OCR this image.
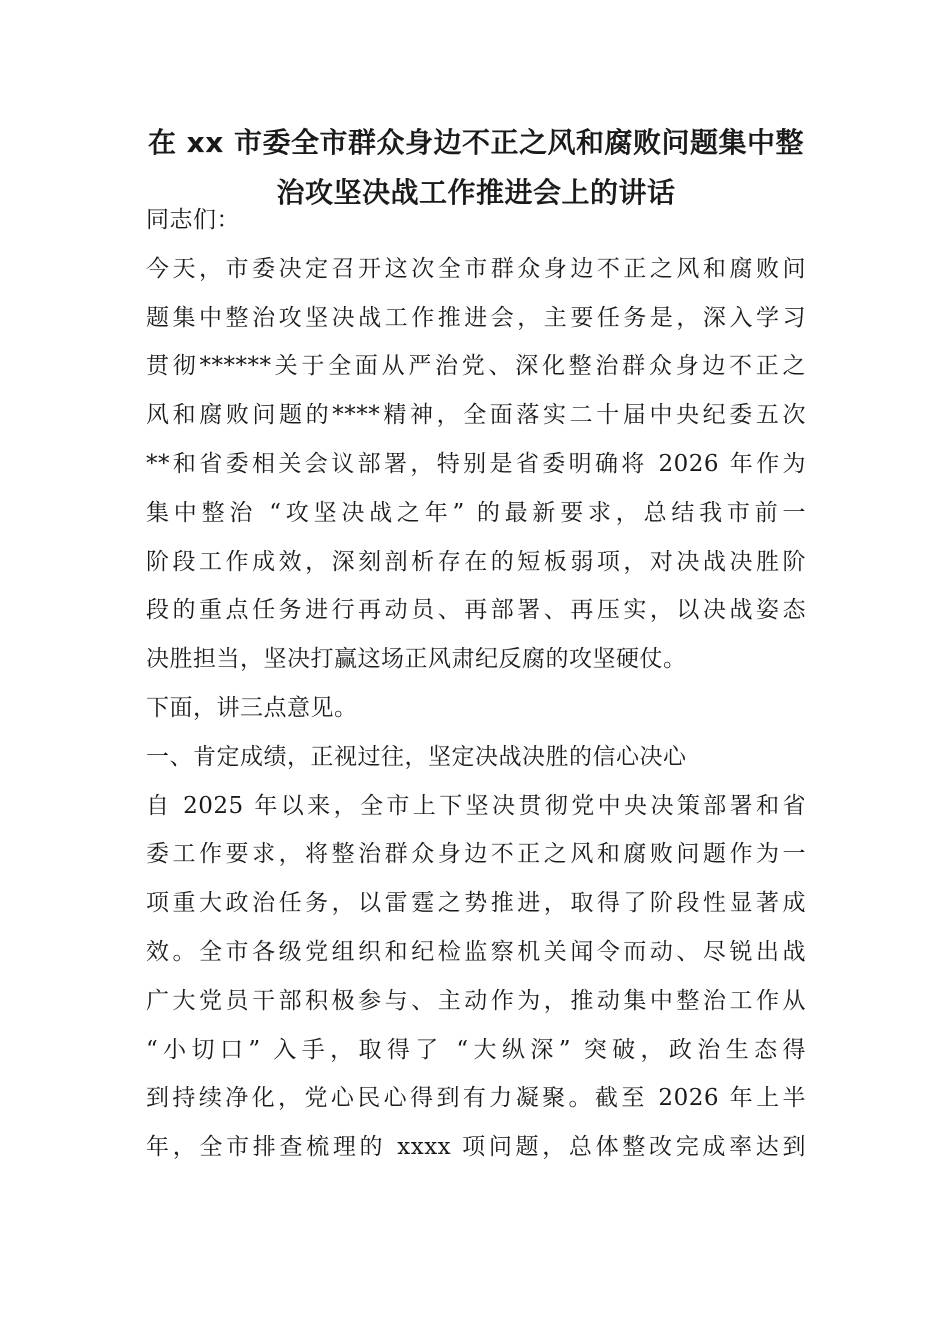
在 xx 市委全市群众身边不正之风和腐败问题集中整
治攻坚决战工作推进会上的讲话

同志们：

今天，市委决定召开这次全市群众身边不正之风和腐败问

题集中整治攻坚决战工作推进会，主要任务是，深入学习

贯彻******关于全面从严治党、深化整治群众身边不正之

风和腐败问题的****精神，全面落实二十届中央纪委五次

**和省委相关会议部署，特别是省委明确将 2026 年作为

集中整治 “攻坚决战之年” 的最新要求，总结我市前一

阶段工作成效，深刻剖析存在的短板弱项，对决战决胜阶

段的重点任务进行再动员、再部署、再压实，以决战姿态

决胜担当，坚决打赢这场正风肃纪反腐的攻坚硬仗。

下面，讲三点意见。

一、肯定成绩，正视过往，坚定决战决胜的信心决心

自 2025 年以来，全市上下坚决贯彻党中央决策部署和省

委工作要求，将整治群众身边不正之风和腐败问题作为一

项重大政治任务，以雷霆之势推进，取得了阶段性显著成

效。全市各级党组织和纪检监察机关闻令而动、尽锐出战

广大党员干部积极参与、主动作为，推动集中整治工作从

“小切口” 入手，取得了 “大纵深” 突破，政治生态得

到持续净化，党心民心得到有力凝聚。截至 2026 年上半

年，全市排查梳理的 xxxx 项问题，总体整改完成率达到
